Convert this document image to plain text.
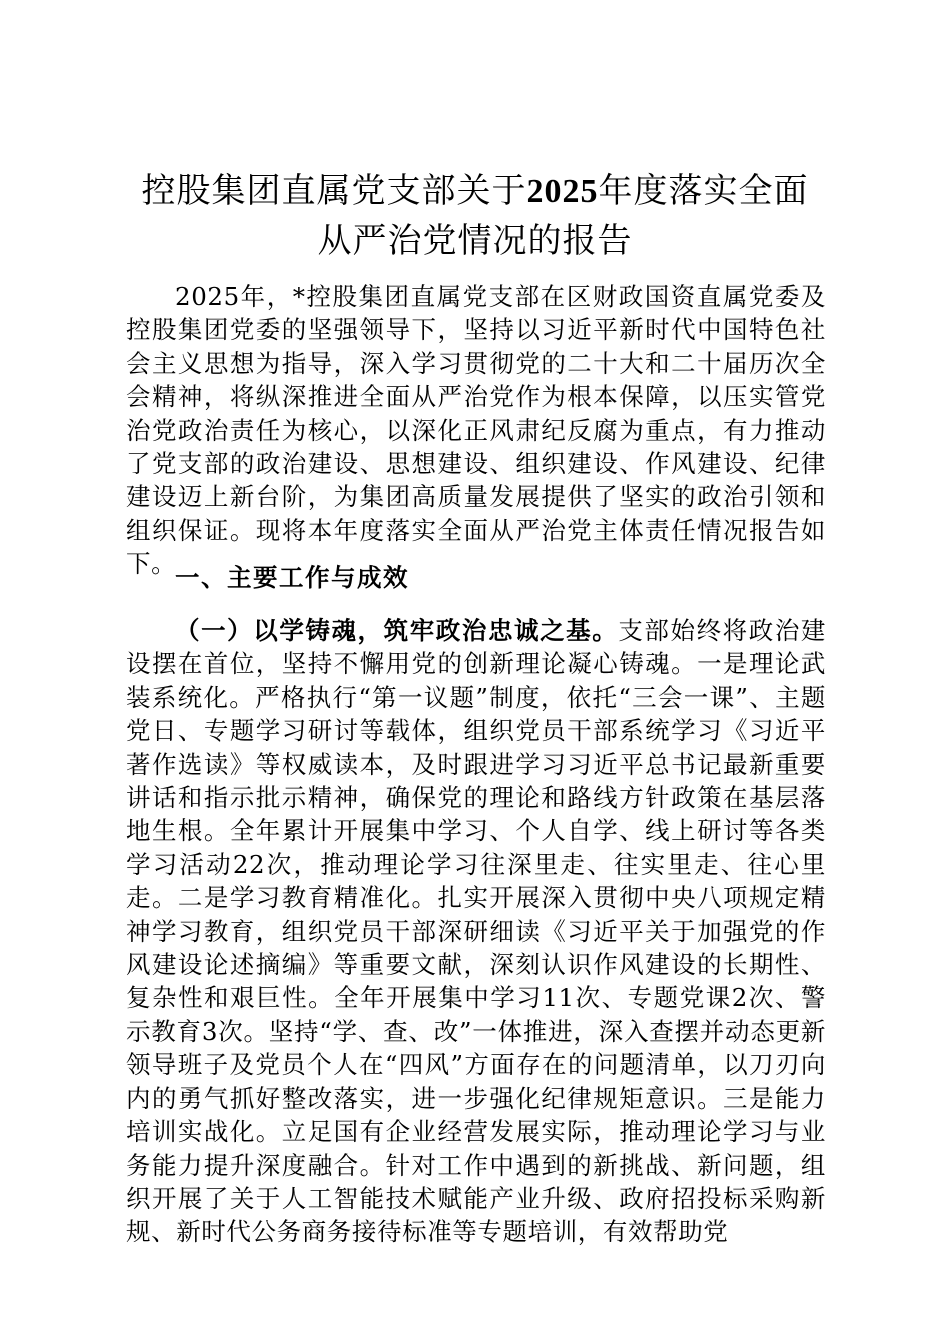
控股集团直属党支部关于2025年度落实全面
从严治党情况的报告

2025年，*控股集团直属党支部在区财政国资直属党委及控股集团党委的坚强领导下，坚持以习近平新时代中国特色社会主义思想为指导，深入学习贯彻党的二十大和二十届历次全会精神，将纵深推进全面从严治党作为根本保障，以压实管党治党政治责任为核心，以深化正风肃纪反腐为重点，有力推动了党支部的政治建设、思想建设、组织建设、作风建设、纪律建设迈上新台阶，为集团高质量发展提供了坚实的政治引领和组织保证。现将本年度落实全面从严治党主体责任情况报告如下。

一、主要工作与成效

（一）以学铸魂，筑牢政治忠诚之基。支部始终将政治建设摆在首位，坚持不懈用党的创新理论凝心铸魂。一是理论武装系统化。严格执行“第一议题”制度，依托“三会一课”、主题党日、专题学习研讨等载体，组织党员干部系统学习《习近平著作选读》等权威读本，及时跟进学习习近平总书记最新重要讲话和指示批示精神，确保党的理论和路线方针政策在基层落地生根。全年累计开展集中学习、个人自学、线上研讨等各类学习活动22次，推动理论学习往深里走、往实里走、往心里走。二是学习教育精准化。扎实开展深入贯彻中央八项规定精神学习教育，组织党员干部深研细读《习近平关于加强党的作风建设论述摘编》等重要文献，深刻认识作风建设的长期性、复杂性和艰巨性。全年开展集中学习11次、专题党课2次、警示教育3次。坚持“学、查、改”一体推进，深入查摆并动态更新领导班子及党员个人在“四风”方面存在的问题清单，以刀刃向内的勇气抓好整改落实，进一步强化纪律规矩意识。三是能力培训实战化。立足国有企业经营发展实际，推动理论学习与业务能力提升深度融合。针对工作中遇到的新挑战、新问题，组织开展了关于人工智能技术赋能产业升级、政府招投标采购新规、新时代公务商务接待标准等专题培训，有效帮助党
